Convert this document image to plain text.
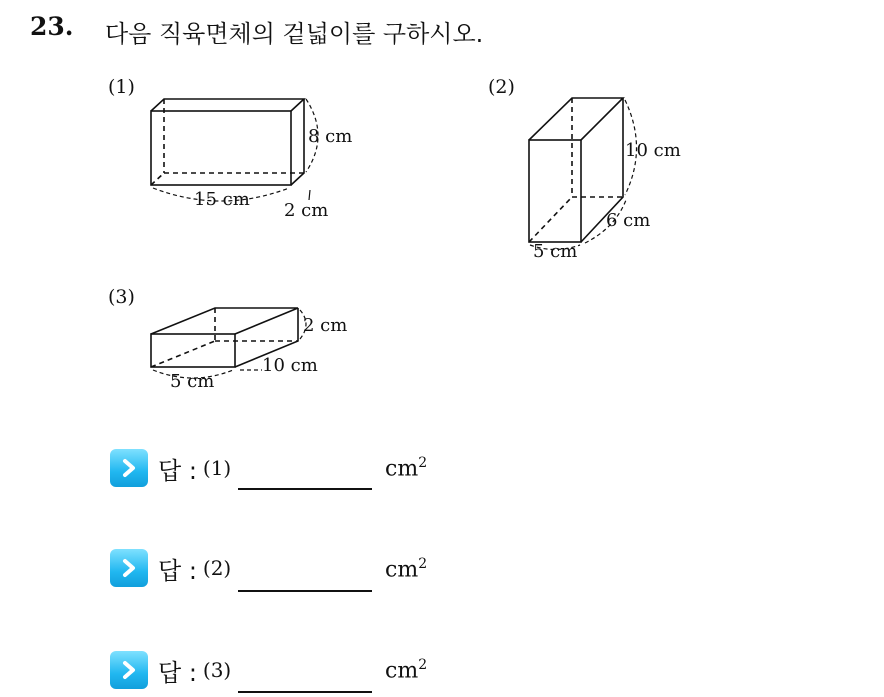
23. 다음 직육면체의 겉넓이를 구하시오.
(1)
8 cm
15 cm
2 cm
(2)
10 cm
6 cm
5 cm
(3)
2 cm
10 cm
5 cm
답 : (1)	$cm^2$
답 : (2)	$cm^2$
답 : (3)	$cm^2$
